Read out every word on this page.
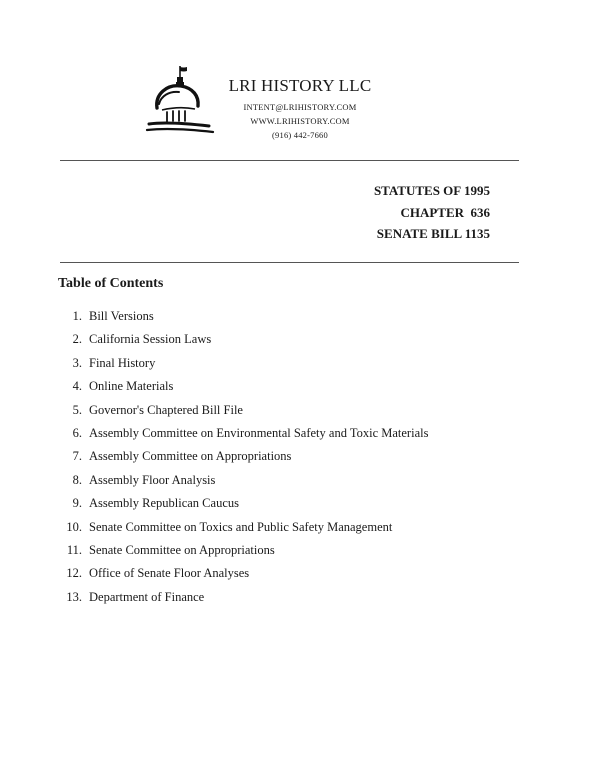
LRI HISTORY LLC
INTENT@LRIHISTORY.COM
WWW.LRIHISTORY.COM
(916) 442-7660
STATUTES OF 1995
CHAPTER  636
SENATE BILL 1135
Table of Contents
1. Bill Versions
2. California Session Laws
3. Final History
4. Online Materials
5. Governor's Chaptered Bill File
6. Assembly Committee on Environmental Safety and Toxic Materials
7. Assembly Committee on Appropriations
8. Assembly Floor Analysis
9. Assembly Republican Caucus
10. Senate Committee on Toxics and Public Safety Management
11. Senate Committee on Appropriations
12. Office of Senate Floor Analyses
13. Department of Finance
